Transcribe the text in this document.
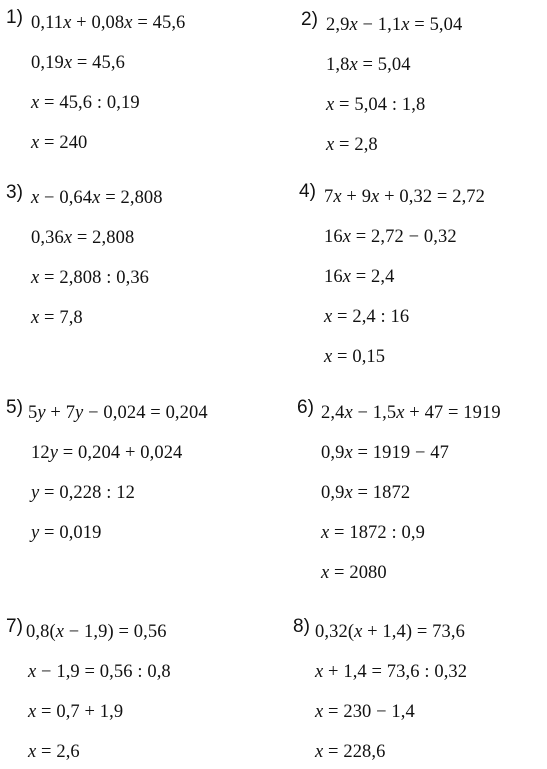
1) 0,11x + 0,08x = 45,6
0,19x = 45,6
x = 45,6 : 0,19
x = 240
2) 2,9x − 1,1x = 5,04
1,8x = 5,04
x = 5,04 : 1,8
x = 2,8
3) x − 0,64x = 2,808
0,36x = 2,808
x = 2,808 : 0,36
x = 7,8
4) 7x + 9x + 0,32 = 2,72
16x = 2,72 − 0,32
16x = 2,4
x = 2,4 : 16
x = 0,15
5) 5y + 7y − 0,024 = 0,204
12y = 0,204 + 0,024
y = 0,228 : 12
y = 0,019
6) 2,4x − 1,5x + 47 = 1919
0,9x = 1919 − 47
0,9x = 1872
x = 1872 : 0,9
x = 2080
7) 0,8(x − 1,9) = 0,56
x − 1,9 = 0,56 : 0,8
x = 0,7 + 1,9
x = 2,6
8) 0,32(x + 1,4) = 73,6
x + 1,4 = 73,6 : 0,32
x = 230 − 1,4
x = 228,6
